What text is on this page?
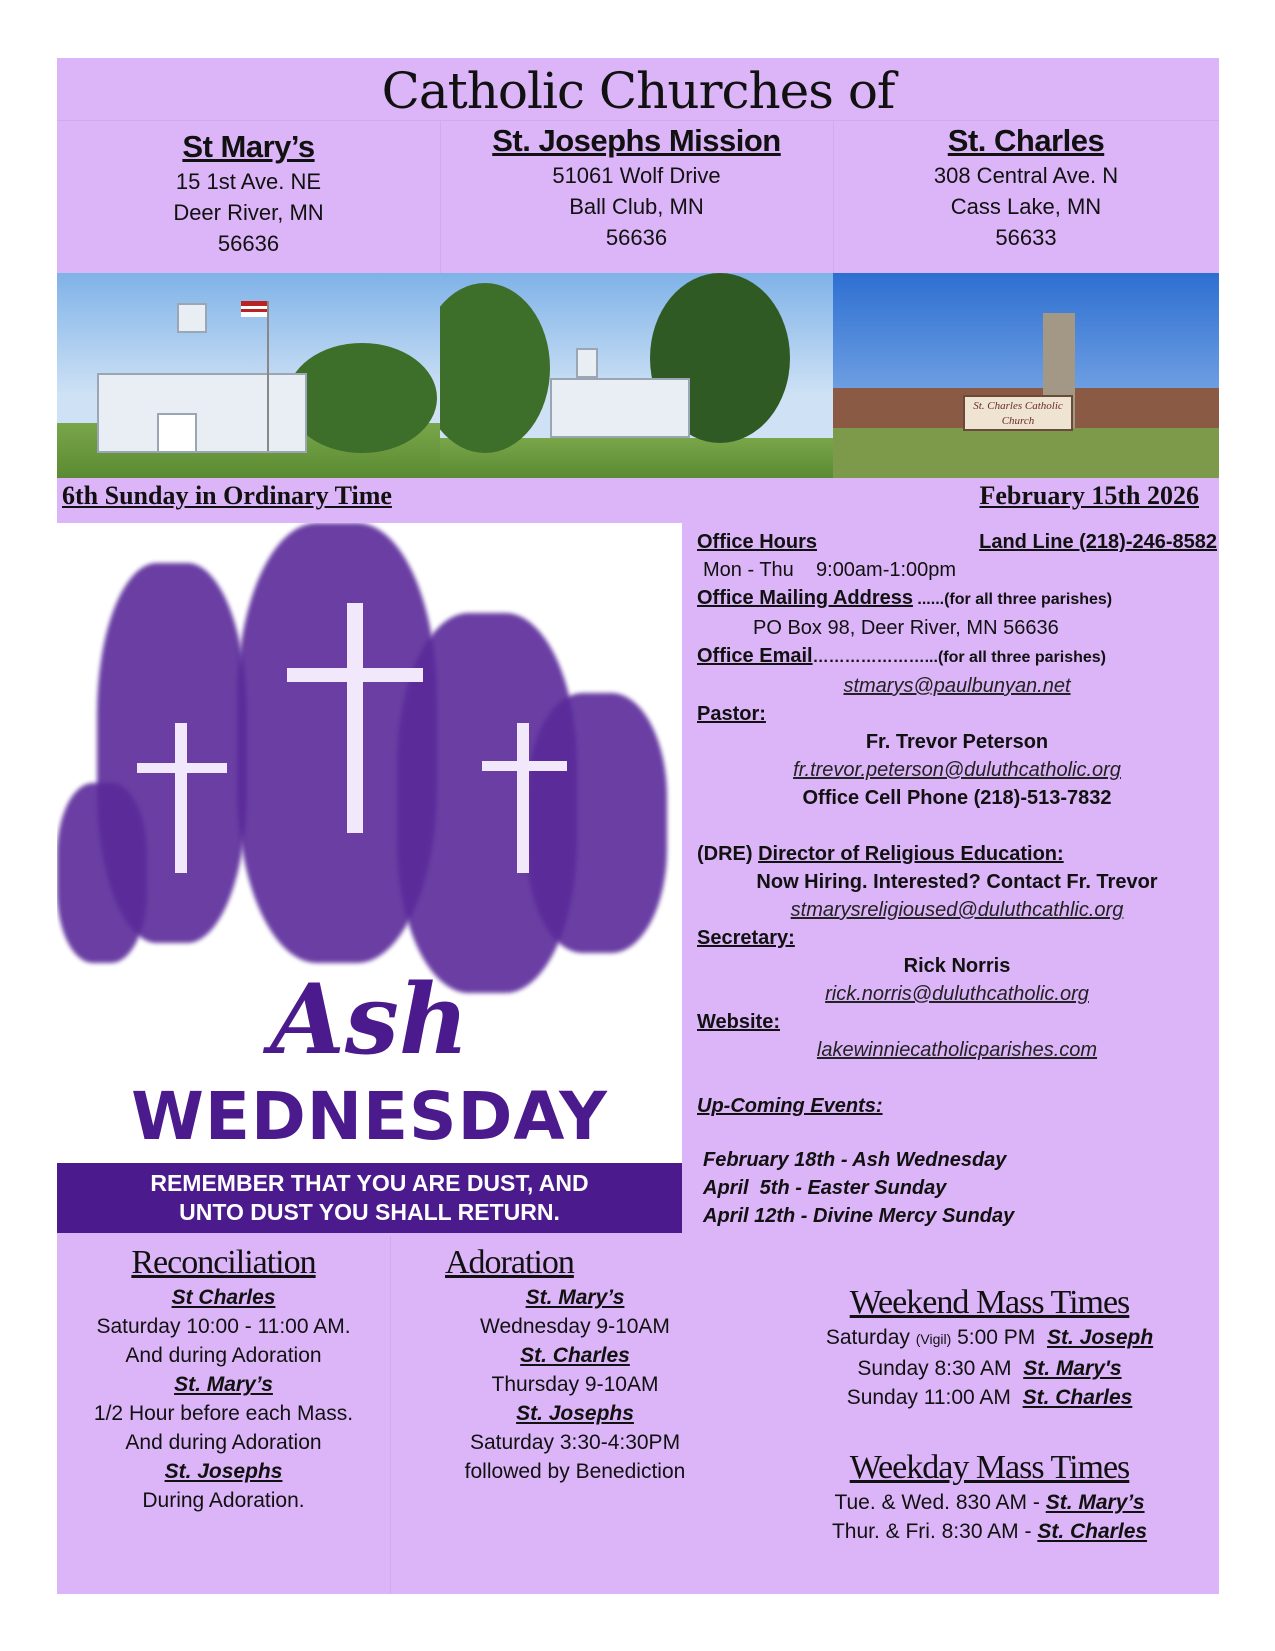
Catholic Churches of
St Mary’s
15 1st Ave. NE
Deer River, MN
56636
St. Josephs Mission
51061 Wolf Drive
Ball Club, MN
56636
St. Charles
308 Central Ave. N
Cass Lake, MN
56633
St. Charles Catholic Church
6th Sunday in Ordinary Time	February 15th 2026
Ash
WEDNESDAY
REMEMBER THAT YOU ARE DUST, AND
UNTO DUST YOU SHALL RETURN.
Office Hours	Land Line (218)-246-8582
Mon - Thu    9:00am-1:00pm
Office Mailing Address ......(for all three parishes)
PO Box 98, Deer River, MN 56636
Office Email…………………...(for all three parishes)
stmarys@paulbunyan.net
Pastor:
Fr. Trevor Peterson
fr.trevor.peterson@duluthcatholic.org
Office Cell Phone (218)-513-7832
(DRE) Director of Religious Education:
Now Hiring. Interested? Contact Fr. Trevor
stmarysreligioused@duluthcathlic.org
Secretary:
Rick Norris
rick.norris@duluthcatholic.org
Website:
lakewinniecatholicparishes.com
Up-Coming Events:
February 18th - Ash Wednesday
April  5th - Easter Sunday
April 12th - Divine Mercy Sunday
Reconciliation
St Charles
Saturday 10:00 - 11:00 AM.
And during Adoration
St. Mary’s
1/2 Hour before each Mass.
And during Adoration
St. Josephs
During Adoration.
Adoration
St. Mary’s
Wednesday 9-10AM
St. Charles
Thursday 9-10AM
St. Josephs
Saturday 3:30-4:30PM
followed by Benediction
Weekend Mass Times
Saturday (Vigil) 5:00 PM  St. Joseph
Sunday 8:30 AM  St. Mary's
Sunday 11:00 AM  St. Charles
Weekday Mass Times
Tue. & Wed. 830 AM - St. Mary’s
Thur. & Fri. 8:30 AM - St. Charles
